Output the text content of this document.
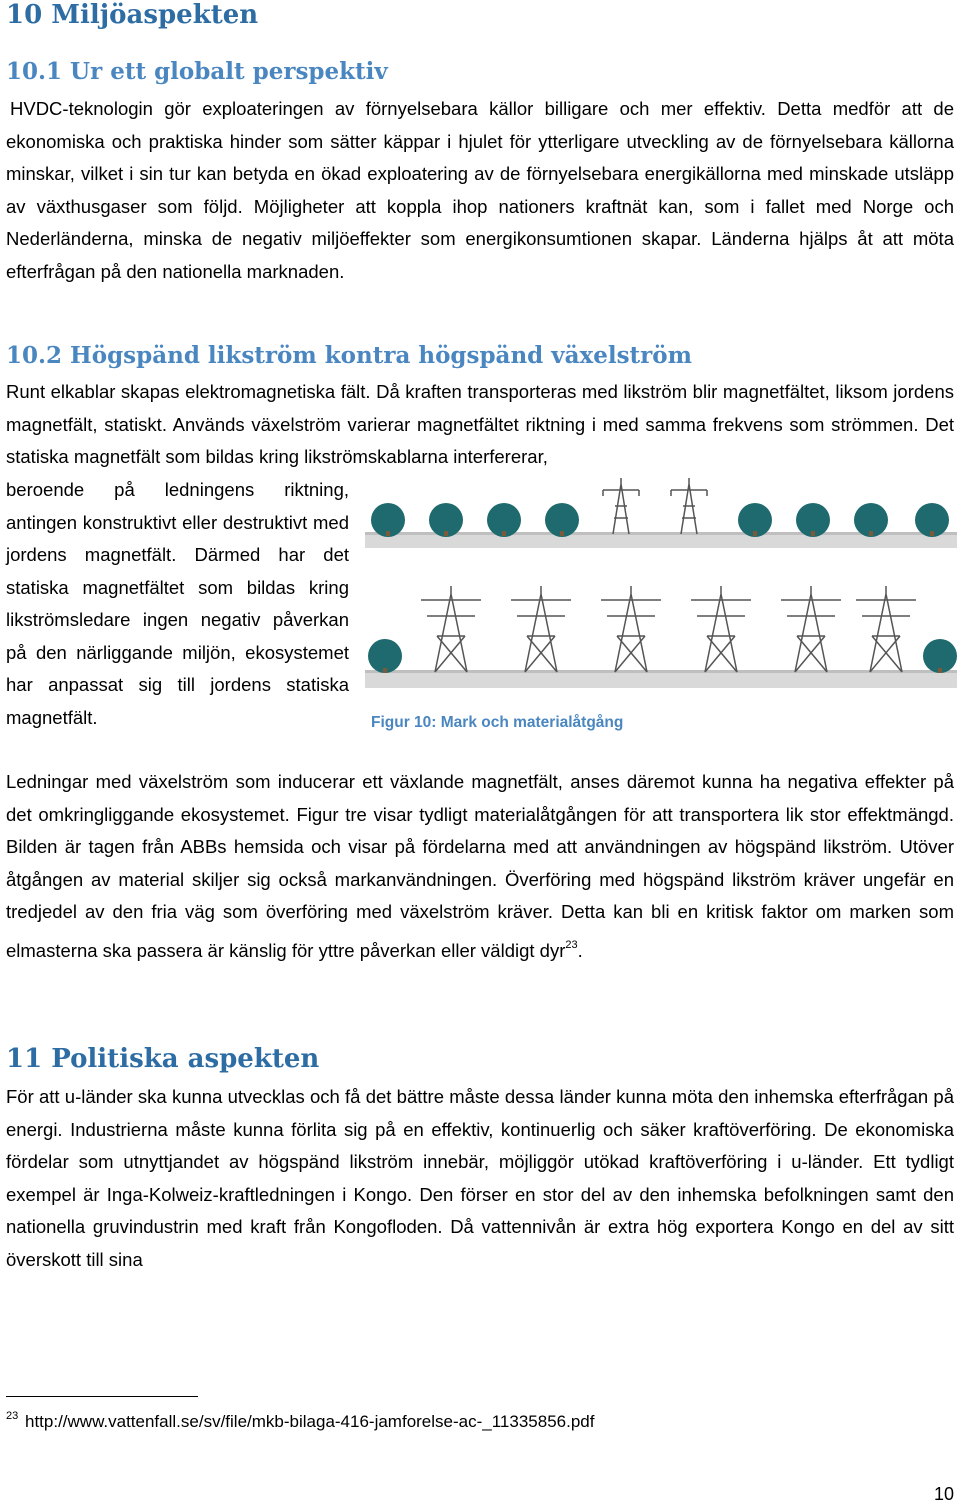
10 Miljöaspekten
10.1 Ur ett globalt perspektiv

HVDC-teknologin gör exploateringen av förnyelsebara källor billigare och mer effektiv. Detta medför att de ekonomiska och praktiska hinder som sätter käppar i hjulet för ytterligare utveckling av de förnyelsebara källorna minskar, vilket i sin tur kan betyda en ökad exploatering av de förnyelsebara energikällorna med minskade utsläpp av växthusgaser som följd. Möjligheter att koppla ihop nationers kraftnät kan, som i fallet med Norge och Nederländerna, minska de negativ miljöeffekter som energikonsumtionen skapar. Länderna hjälps åt att möta efterfrågan på den nationella marknaden.

10.2 Högspänd likström kontra högspänd växelström

Runt elkablar skapas elektromagnetiska fält. Då kraften transporteras med likström blir magnetfältet, liksom jordens magnetfält, statiskt. Används växelström varierar magnetfältet riktning i med samma frekvens som strömmen. Det statiska magnetfält som bildas kring likströmskablarna interfererar,

beroende på ledningens riktning, antingen konstruktivt eller destruktivt med jordens magnetfält. Därmed har det statiska magnetfältet som bildas kring likströmsledare ingen negativ påverkan på den närliggande miljön, ekosystemet har anpassat sig till jordens statiska magnetfält.	Figur 10: Mark och materialåtgång

Ledningar med växelström som inducerar ett växlande magnetfält, anses däremot kunna ha negativa effekter på det omkringliggande ekosystemet. Figur tre visar tydligt materialåtgången för att transportera lik stor effektmängd. Bilden är tagen från ABBs hemsida och visar på fördelarna med att användningen av högspänd likström. Utöver åtgången av material skiljer sig också markanvändningen. Överföring med högspänd likström kräver ungefär en tredjedel av den fria väg som överföring med växelström kräver. Detta kan bli en kritisk faktor om marken som elmasterna ska passera är känslig för yttre påverkan eller väldigt dyr$^{23}$.

11 Politiska aspekten

För att u-länder ska kunna utvecklas och få det bättre måste dessa länder kunna möta den inhemska efterfrågan på energi. Industrierna måste kunna förlita sig på en effektiv, kontinuerlig och säker kraftöverföring. De ekonomiska fördelar som utnyttjandet av högspänd likström innebär, möjliggör utökad kraftöverföring i u-länder. Ett tydligt exempel är Inga-Kolweiz-kraftledningen i Kongo. Den förser en stor del av den inhemska befolkningen samt den nationella gruvindustrin med kraft från Kongofloden. Då vattennivån är extra hög exportera Kongo en del av sitt överskott till sina

$^{23}$ http://www.vattenfall.se/sv/file/mkb-bilaga-416-jamforelse-ac-_11335856.pdf
10
